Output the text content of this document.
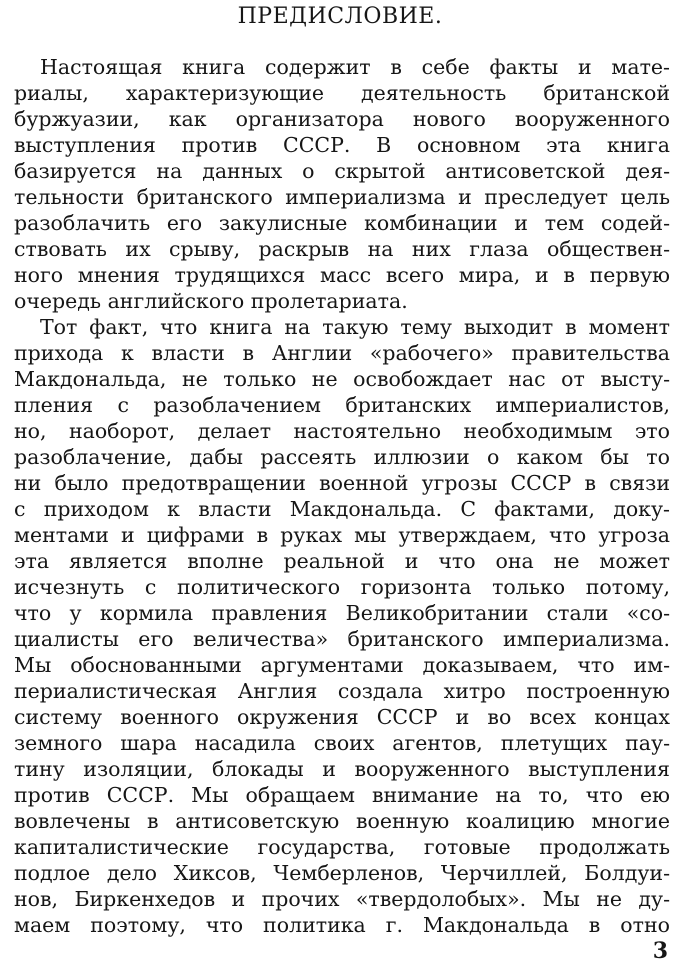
ПРЕДИСЛОВИЕ.
Настоящая книга содержит в себе факты и мате-
риалы, характеризующие деятельность британской
буржуазии, как организатора нового вооруженного
выступления против СССР. В основном эта книга
базируется на данных о скрытой антисоветской дея-
тельности британского империализма и преследует цель
разоблачить его закулисные комбинации и тем содей-
ствовать их срыву, раскрыв на них глаза обществен-
ного мнения трудящихся масс всего мира, и в первую
очередь английского пролетариата.
Тот факт, что книга на такую тему выходит в момент
прихода к власти в Англии «рабочего» правительства
Макдональда, не только не освобождает нас от высту-
пления с разоблачением британских империалистов,
но, наоборот, делает настоятельно необходимым это
разоблачение, дабы рассеять иллюзии о каком бы то
ни было предотвращении военной угрозы СССР в связи
с приходом к власти Макдональда. С фактами, доку-
ментами и цифрами в руках мы утверждаем, что угроза
эта является вполне реальной и что она не может
исчезнуть с политического горизонта только потому,
что у кормила правления Великобритании стали «со-
циалисты его величества» британского империализма.
Мы обоснованными аргументами доказываем, что им-
периалистическая Англия создала хитро построенную
систему военного окружения СССР и во всех концах
земного шара насадила своих агентов, плетущих пау-
тину изоляции, блокады и вооруженного выступления
против СССР. Мы обращаем внимание на то, что ею
вовлечены в антисоветскую военную коалицию многие
капиталистические государства, готовые продолжать
подлое дело Хиксов, Чемберленов, Черчиллей, Болдуи-
нов, Биркенхедов и прочих «твердолобых». Мы не ду-
маем поэтому, что политика г. Макдональда в отно

3
